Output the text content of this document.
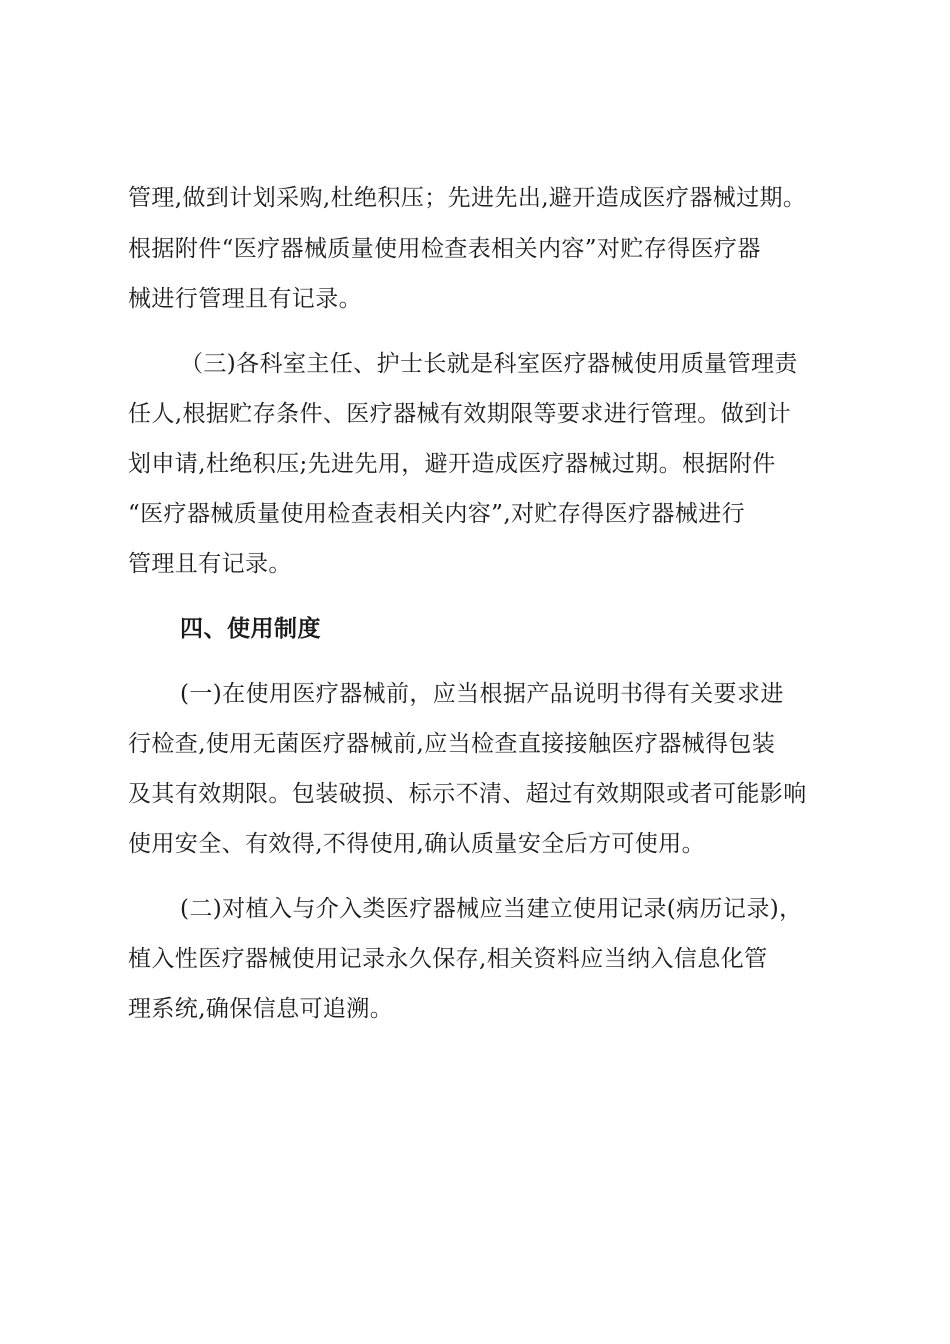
管理,做到计划采购,杜绝积压；先进先出,避开造成医疗器械过期。
根据附件“医疗器械质量使用检查表相关内容”对贮存得医疗器
械进行管理且有记录。
（三)各科室主任、护士长就是科室医疗器械使用质量管理责
任人,根据贮存条件、医疗器械有效期限等要求进行管理。做到计
划申请,杜绝积压;先进先用，避开造成医疗器械过期。根据附件
“医疗器械质量使用检查表相关内容”,对贮存得医疗器械进行
管理且有记录。
四、使用制度
(一)在使用医疗器械前，应当根据产品说明书得有关要求进
行检查,使用无菌医疗器械前,应当检查直接接触医疗器械得包装
及其有效期限。包装破损、标示不清、超过有效期限或者可能影响
使用安全、有效得,不得使用,确认质量安全后方可使用。
(二)对植入与介入类医疗器械应当建立使用记录(病历记录)，
植入性医疗器械使用记录永久保存,相关资料应当纳入信息化管
理系统,确保信息可追溯。
